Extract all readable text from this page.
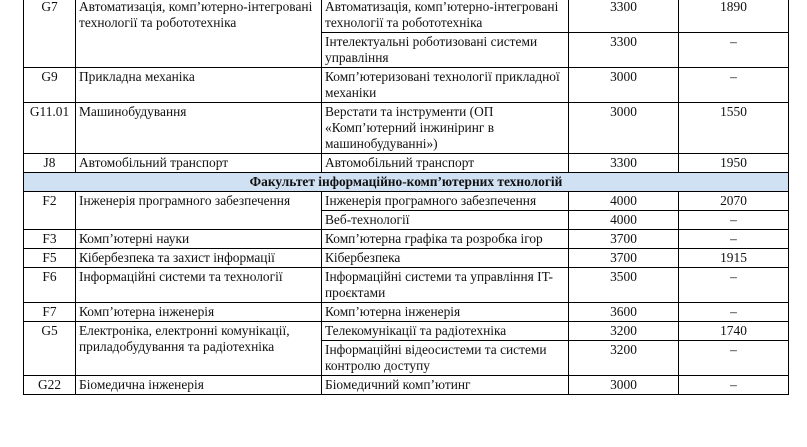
G7	Автоматизація, комп’ютерно-інтегровані технології та робототехніка	Автоматизація, комп’ютерно-інтегровані технології та робототехніка	3300	1890
		Інтелектуальні роботизовані системи управління	3300	–
G9	Прикладна механіка	Комп’ютеризовані технології прикладної механіки	3000	–
G11.01	Машинобудування	Верстати та інструменти (ОП «Комп’ютерний інжиніринг в машинобудуванні»)	3000	1550
J8	Автомобільний транспорт	Автомобільний транспорт	3300	1950
Факультет інформаційно-комп’ютерних технологій				
F2	Інженерія програмного забезпечення	Інженерія програмного забезпечення	4000	2070
		Веб-технології	4000	–
F3	Комп’ютерні науки	Комп’ютерна графіка та розробка ігор	3700	–
F5	Кібербезпека та захист інформації	Кібербезпека	3700	1915
F6	Інформаційні системи та технології	Інформаційні системи та управління IT-проєктами	3500	–
F7	Комп’ютерна інженерія	Комп’ютерна інженерія	3600	–
G5	Електроніка, електронні комунікації, приладобудування та радіотехніка	Телекомунікації та радіотехніка	3200	1740
		Інформаційні відеосистеми та системи контролю доступу	3200	–
G22	Біомедична інженерія	Біомедичний комп’ютинг	3000	–
